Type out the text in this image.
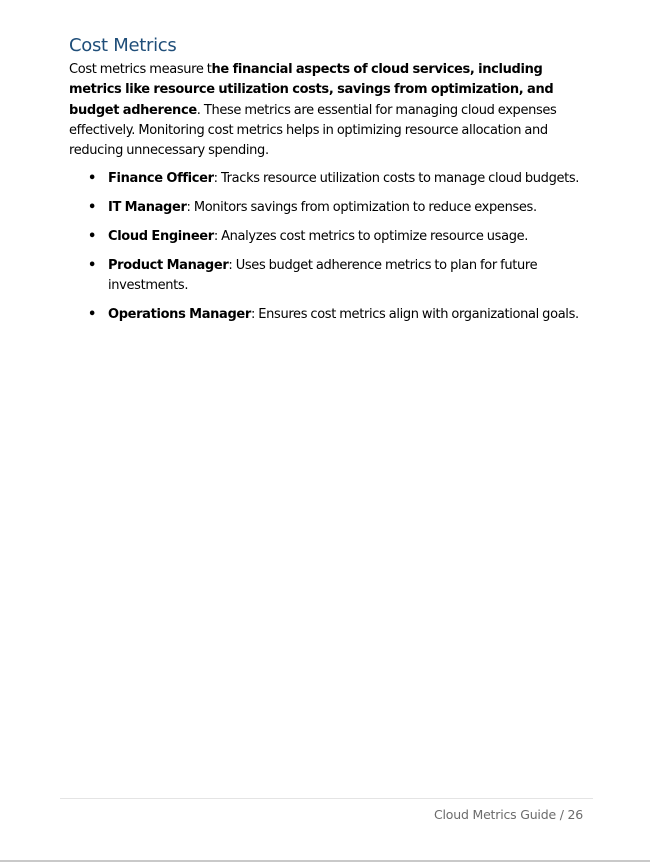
Cost Metrics

Cost metrics measure the financial aspects of cloud services, including metrics like resource utilization costs, savings from optimization, and budget adherence. These metrics are essential for managing cloud expenses effectively. Monitoring cost metrics helps in optimizing resource allocation and reducing unnecessary spending.

• Finance Officer: Tracks resource utilization costs to manage cloud budgets.
• IT Manager: Monitors savings from optimization to reduce expenses.
• Cloud Engineer: Analyzes cost metrics to optimize resource usage.
• Product Manager: Uses budget adherence metrics to plan for future investments.
• Operations Manager: Ensures cost metrics align with organizational goals.
Cloud Metrics Guide / 26
